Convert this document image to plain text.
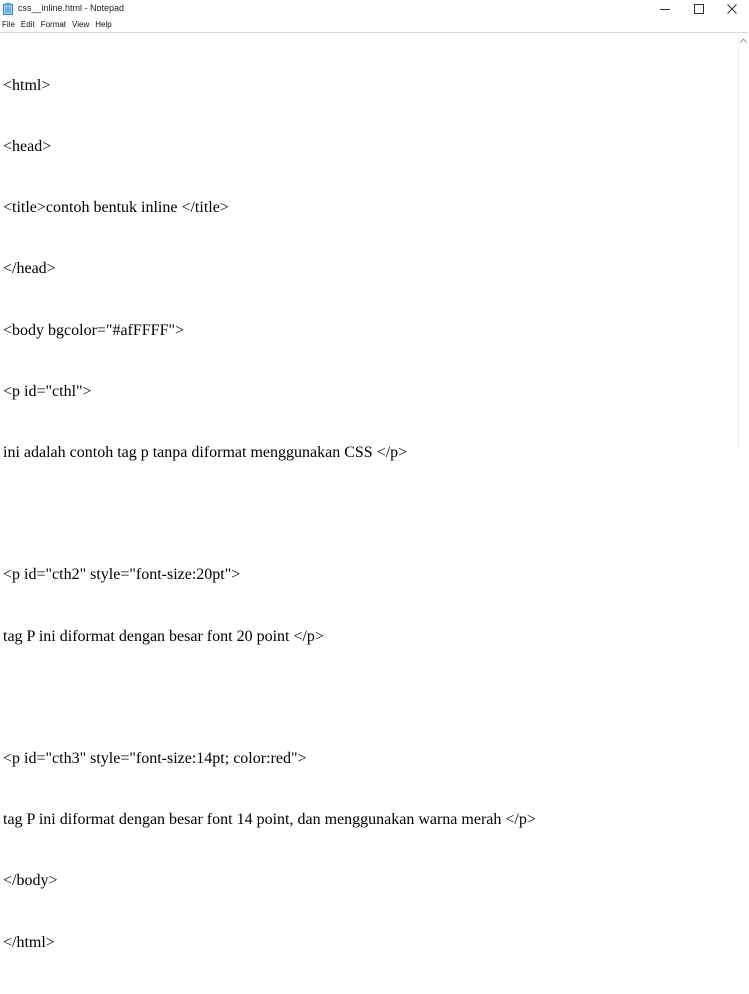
css__inline.html - Notepad
File Edit Format View Help

<html>

<head>

<title>contoh bentuk inline </title>

</head>

<body bgcolor="#afFFFF">

<p id="cthl">

ini adalah contoh tag p tanpa diformat menggunakan CSS </p>

<p id="cth2" style="font-size:20pt">

tag P ini diformat dengan besar font 20 point </p>

<p id="cth3" style="font-size:14pt; color:red">

tag P ini diformat dengan besar font 14 point, dan menggunakan warna merah </p>

</body>

</html>
